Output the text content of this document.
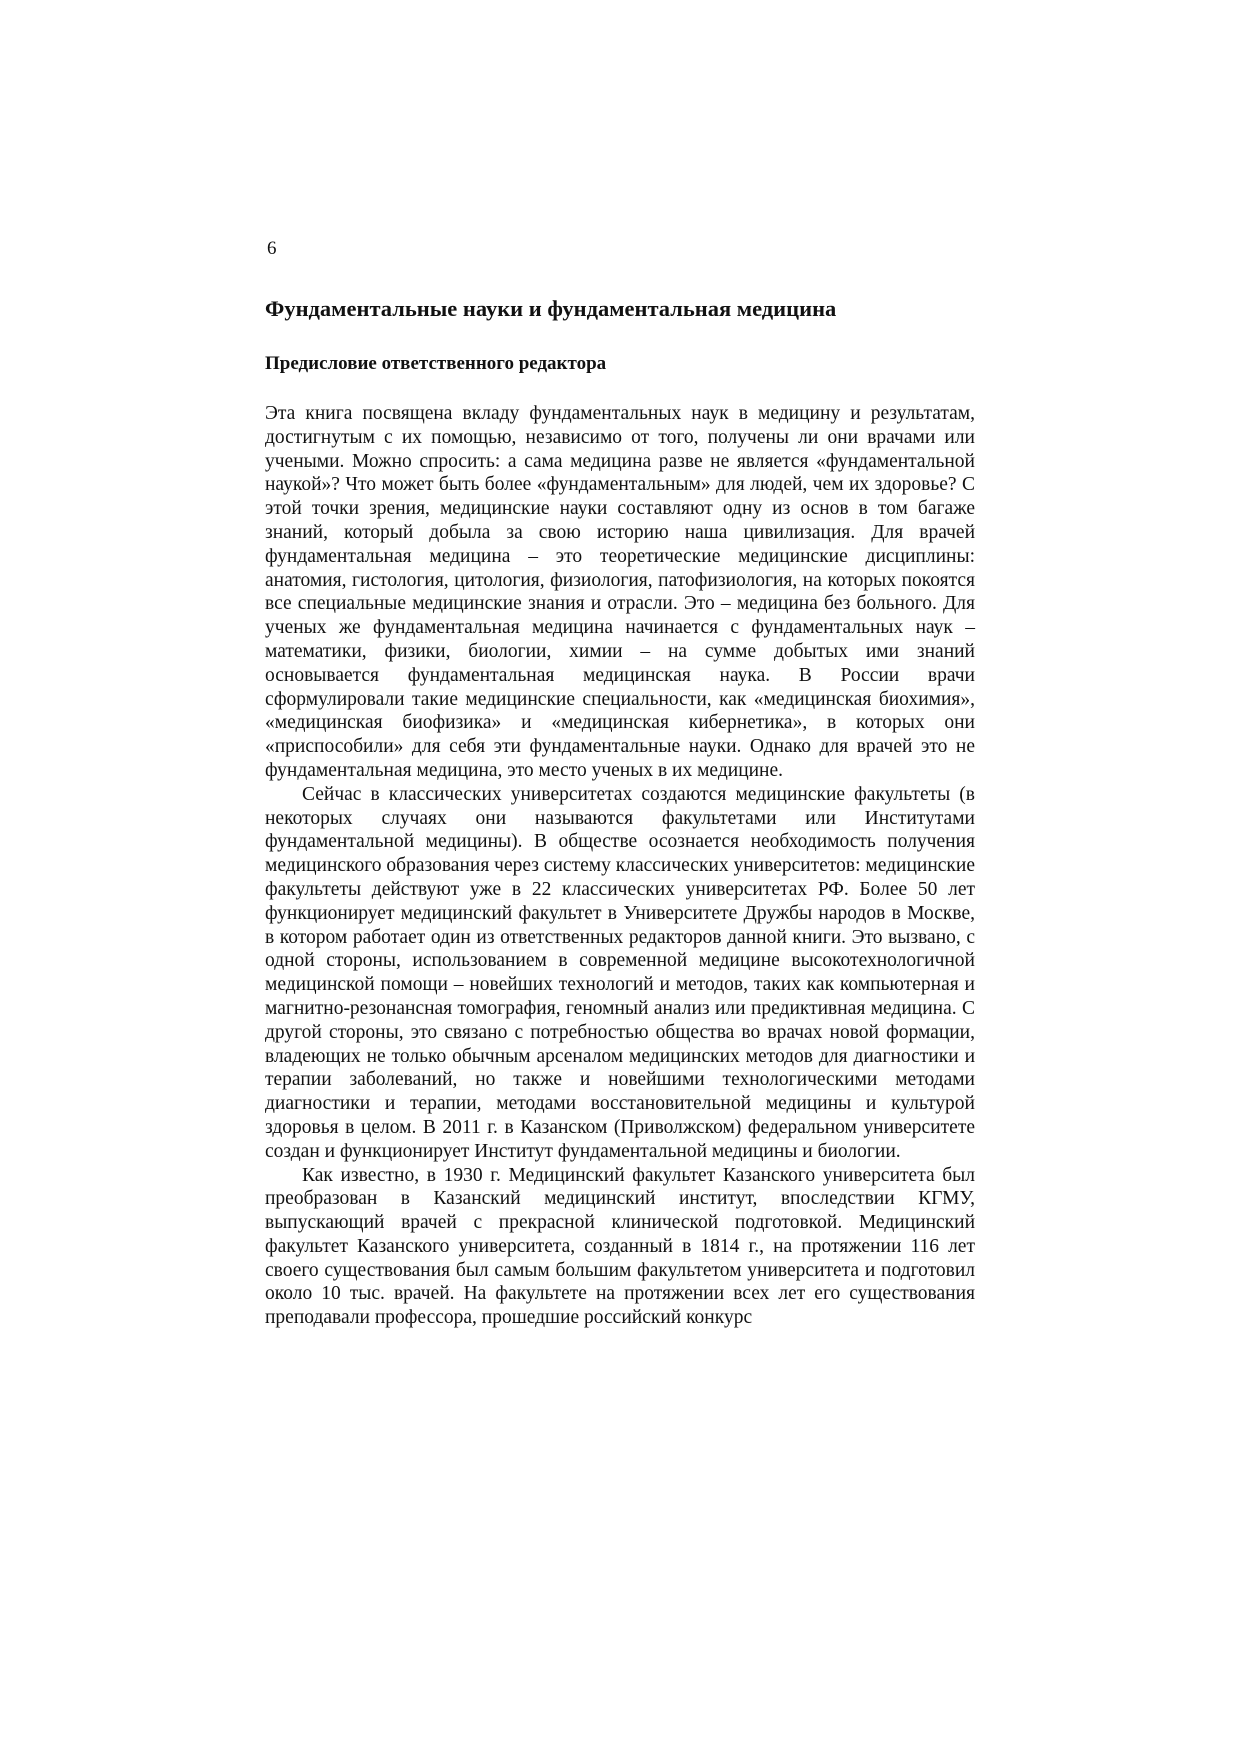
6
Фундаментальные науки и фундаментальная медицина
Предисловие ответственного редактора

Эта книга посвящена вкладу фундаментальных наук в медицину и результатам, достигнутым с их помощью, независимо от того, получены ли они врачами или учеными. Можно спросить: а сама медицина разве не является «фундаментальной наукой»? Что может быть более «фундаментальным» для людей, чем их здоровье? С этой точки зрения, медицинские науки составляют одну из основ в том багаже знаний, который добыла за свою историю наша цивилизация. Для врачей фундаментальная медицина – это теоретические медицинские дисциплины: анатомия, гистология, цитология, физиология, патофизиология, на которых покоятся все специальные медицинские знания и отрасли. Это – медицина без больного. Для ученых же фундаментальная медицина начинается с фундаментальных наук – математики, физики, биологии, химии – на сумме добытых ими знаний основывается фундаментальная медицинская наука. В России врачи сформулировали такие медицинские специальности, как «медицинская биохимия», «медицинская биофизика» и «медицинская кибернетика», в которых они «приспособили» для себя эти фундаментальные науки. Однако для врачей это не фундаментальная медицина, это место ученых в их медицине.

Сейчас в классических университетах создаются медицинские факультеты (в некоторых случаях они называются факультетами или Институтами фундаментальной медицины). В обществе осознается необходимость получения медицинского образования через систему классических университетов: медицинские факультеты действуют уже в 22 классических университетах РФ. Более 50 лет функционирует медицинский факультет в Университете Дружбы народов в Москве, в котором работает один из ответственных редакторов данной книги. Это вызвано, с одной стороны, использованием в современной медицине высокотехнологичной медицинской помощи – новейших технологий и методов, таких как компьютерная и магнитно-резонансная томография, геномный анализ или предиктивная медицина. С другой стороны, это связано с потребностью общества во врачах новой формации, владеющих не только обычным арсеналом медицинских методов для диагностики и терапии заболеваний, но также и новейшими технологическими методами диагностики и терапии, методами восстановительной медицины и культурой здоровья в целом. В 2011 г. в Казанском (Приволжском) федеральном университете создан и функционирует Институт фундаментальной медицины и биологии.

Как известно, в 1930 г. Медицинский факультет Казанского университета был преобразован в Казанский медицинский институт, впоследствии КГМУ, выпускающий врачей с прекрасной клинической подготовкой. Медицинский факультет Казанского университета, созданный в 1814 г., на протяжении 116 лет своего существования был самым большим факультетом университета и подготовил около 10 тыс. врачей. На факультете на протяжении всех лет его существования преподавали профессора, прошедшие российский конкурс
